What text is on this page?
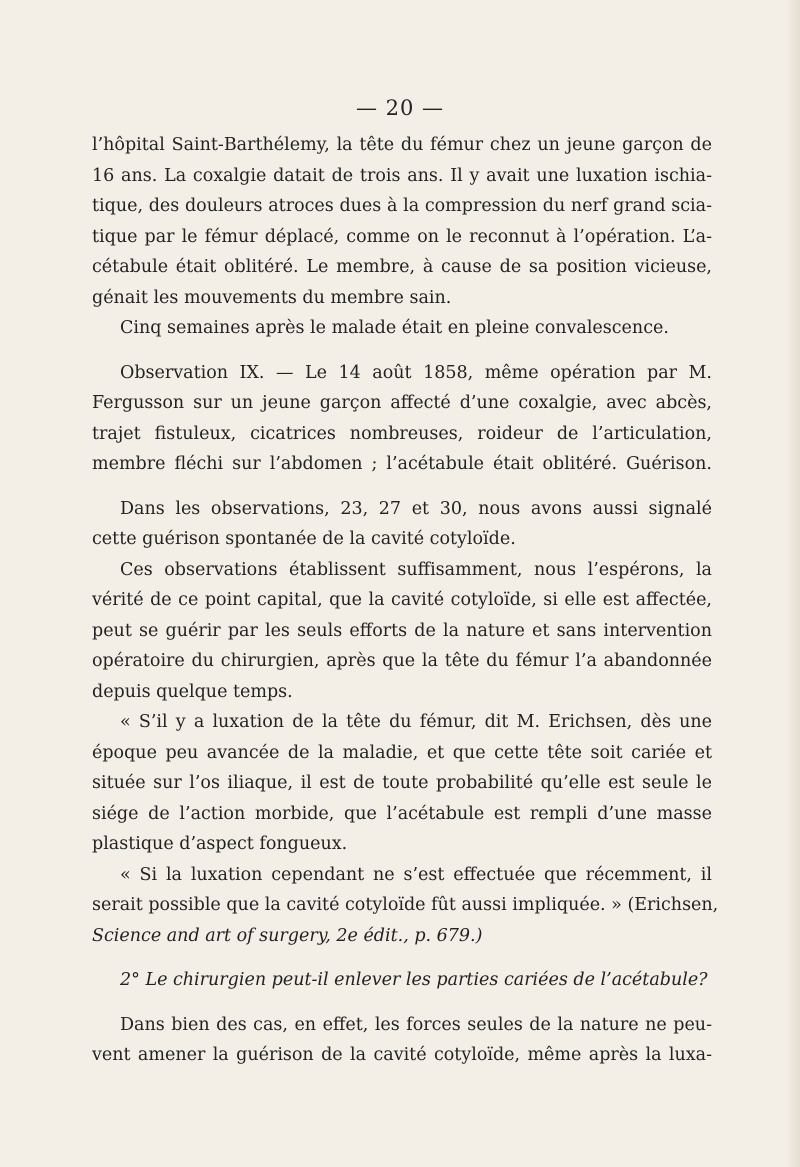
— 20 —
l’hôpital Saint-Barthélemy, la tête du fémur chez un jeune garçon de
16 ans. La coxalgie datait de trois ans. Il y avait une luxation ischia-
tique, des douleurs atroces dues à la compression du nerf grand scia-
tique par le fémur déplacé, comme on le reconnut à l’opération. L’a-
cétabule était oblitéré. Le membre, à cause de sa position vicieuse,
génait les mouvements du membre sain.
Cinq semaines après le malade était en pleine convalescence.
Observation IX. — Le 14 août 1858, même opération par M.
Fergusson sur un jeune garçon affecté d’une coxalgie, avec abcès,
trajet fistuleux, cicatrices nombreuses, roideur de l’articulation,
membre fléchi sur l’abdomen ; l’acétabule était oblitéré. Guérison.
Dans les observations, 23, 27 et 30, nous avons aussi signalé
cette guérison spontanée de la cavité cotyloïde.
Ces observations établissent suffisamment, nous l’espérons, la
vérité de ce point capital, que la cavité cotyloïde, si elle est affectée,
peut se guérir par les seuls efforts de la nature et sans intervention
opératoire du chirurgien, après que la tête du fémur l’a abandonnée
depuis quelque temps.
« S’il y a luxation de la tête du fémur, dit M. Erichsen, dès une
époque peu avancée de la maladie, et que cette tête soit cariée et
située sur l’os iliaque, il est de toute probabilité qu’elle est seule le
siége de l’action morbide, que l’acétabule est rempli d’une masse
plastique d’aspect fongueux.
« Si la luxation cependant ne s’est effectuée que récemment, il
serait possible que la cavité cotyloïde fût aussi impliquée. » (Erichsen,
Science and art of surgery, 2e édit., p. 679.)
2° Le chirurgien peut-il enlever les parties cariées de l’acétabule?
Dans bien des cas, en effet, les forces seules de la nature ne peu-
vent amener la guérison de la cavité cotyloïde, même après la luxa-
